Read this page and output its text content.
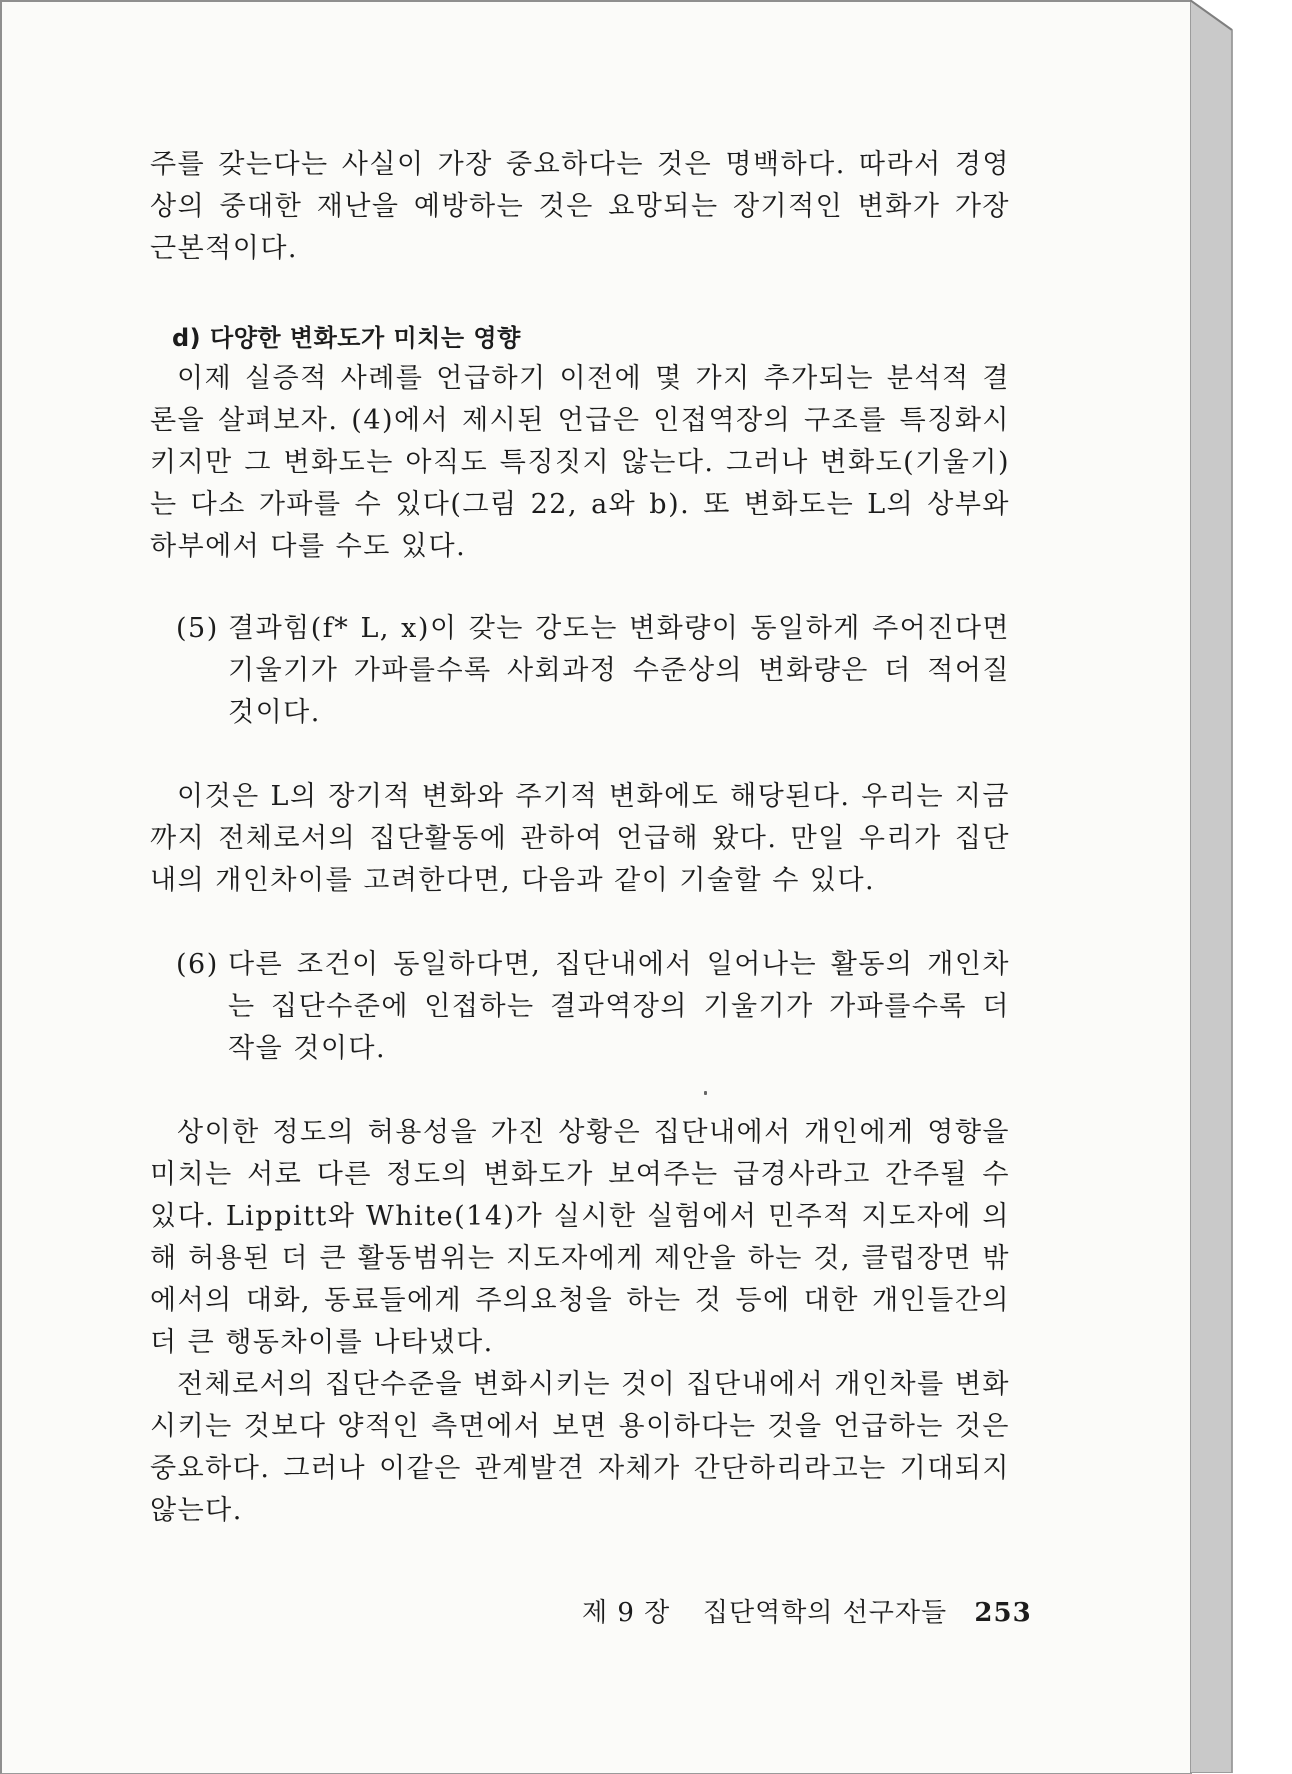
주를 갖는다는 사실이 가장 중요하다는 것은 명백하다. 따라서 경영상의 중대한 재난을 예방하는 것은 요망되는 장기적인 변화가 가장 근본적이다.

d) 다양한 변화도가 미치는 영향

이제 실증적 사례를 언급하기 이전에 몇 가지 추가되는 분석적 결론을 살펴보자. (4)에서 제시된 언급은 인접역장의 구조를 특징화시키지만 그 변화도는 아직도 특징짓지 않는다. 그러나 변화도(기울기)는 다소 가파를 수 있다(그림 22, a와 b). 또 변화도는 L의 상부와 하부에서 다를 수도 있다.

(5) 결과힘(f* L, x)이 갖는 강도는 변화량이 동일하게 주어진다면 기울기가 가파를수록 사회과정 수준상의 변화량은 더 적어질 것이다.

이것은 L의 장기적 변화와 주기적 변화에도 해당된다. 우리는 지금까지 전체로서의 집단활동에 관하여 언급해 왔다. 만일 우리가 집단내의 개인차이를 고려한다면, 다음과 같이 기술할 수 있다.

(6) 다른 조건이 동일하다면, 집단내에서 일어나는 활동의 개인차는 집단수준에 인접하는 결과역장의 기울기가 가파를수록 더 작을 것이다.

상이한 정도의 허용성을 가진 상황은 집단내에서 개인에게 영향을 미치는 서로 다른 정도의 변화도가 보여주는 급경사라고 간주될 수 있다. Lippitt와 White(14)가 실시한 실험에서 민주적 지도자에 의해 허용된 더 큰 활동범위는 지도자에게 제안을 하는 것, 클럽장면 밖에서의 대화, 동료들에게 주의요청을 하는 것 등에 대한 개인들간의 더 큰 행동차이를 나타냈다.

전체로서의 집단수준을 변화시키는 것이 집단내에서 개인차를 변화시키는 것보다 양적인 측면에서 보면 용이하다는 것을 언급하는 것은 중요하다. 그러나 이같은 관계발견 자체가 간단하리라고는 기대되지 않는다.

제 9 장 집단역학의 선구자들 253
